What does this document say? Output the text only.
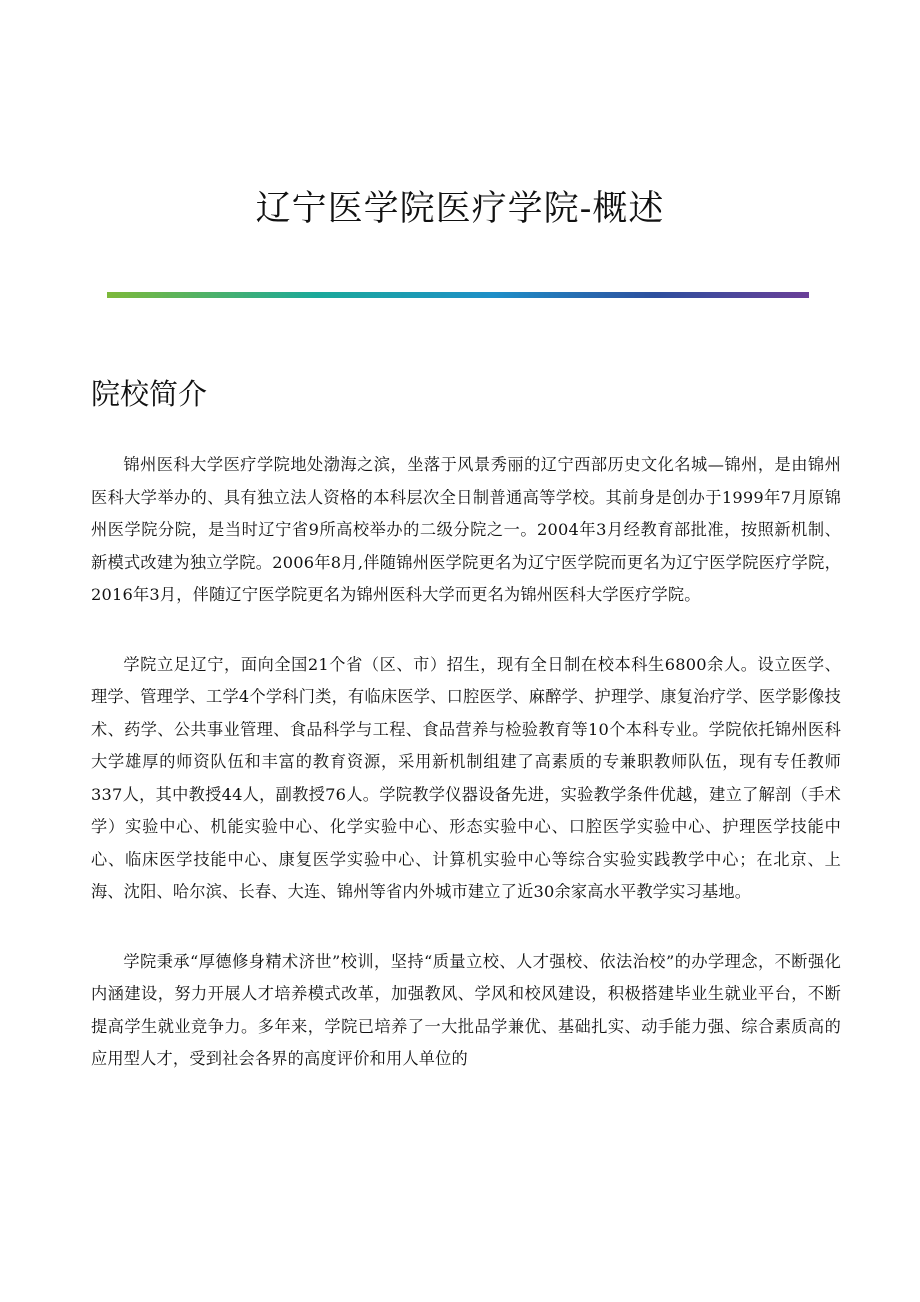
辽宁医学院医疗学院-概述
院校简介

锦州医科大学医疗学院地处渤海之滨，坐落于风景秀丽的辽宁西部历史文化名城—锦州，是由锦州医科大学举办的、具有独立法人资格的本科层次全日制普通高等学校。其前身是创办于1999年7月原锦州医学院分院，是当时辽宁省9所高校举办的二级分院之一。2004年3月经教育部批准，按照新机制、新模式改建为独立学院。2006年8月,伴随锦州医学院更名为辽宁医学院而更名为辽宁医学院医疗学院，2016年3月，伴随辽宁医学院更名为锦州医科大学而更名为锦州医科大学医疗学院。

学院立足辽宁，面向全国21个省（区、市）招生，现有全日制在校本科生6800余人。设立医学、理学、管理学、工学4个学科门类，有临床医学、口腔医学、麻醉学、护理学、康复治疗学、医学影像技术、药学、公共事业管理、食品科学与工程、食品营养与检验教育等10个本科专业。学院依托锦州医科大学雄厚的师资队伍和丰富的教育资源，采用新机制组建了高素质的专兼职教师队伍，现有专任教师337人，其中教授44人，副教授76人。学院教学仪器设备先进，实验教学条件优越，建立了解剖（手术学）实验中心、机能实验中心、化学实验中心、形态实验中心、口腔医学实验中心、护理医学技能中心、临床医学技能中心、康复医学实验中心、计算机实验中心等综合实验实践教学中心；在北京、上海、沈阳、哈尔滨、长春、大连、锦州等省内外城市建立了近30余家高水平教学实习基地。

学院秉承“厚德修身精术济世”校训，坚持“质量立校、人才强校、依法治校”的办学理念，不断强化内涵建设，努力开展人才培养模式改革，加强教风、学风和校风建设，积极搭建毕业生就业平台，不断提高学生就业竞争力。多年来，学院已培养了一大批品学兼优、基础扎实、动手能力强、综合素质高的应用型人才，受到社会各界的高度评价和用人单位的
